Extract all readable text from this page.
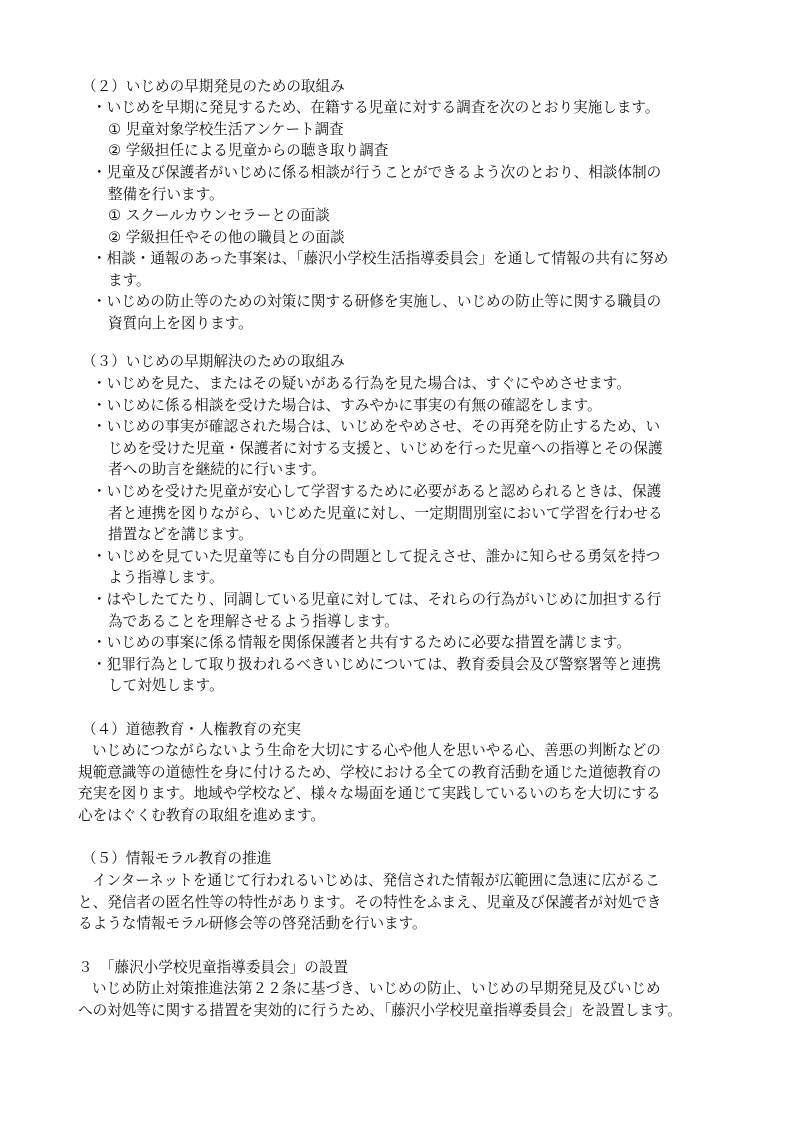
（２）いじめの早期発見のための取組み
・いじめを早期に発見するため、在籍する児童に対する調査を次のとおり実施します。
① 児童対象学校生活アンケート調査
② 学級担任による児童からの聴き取り調査
・児童及び保護者がいじめに係る相談が行うことができるよう次のとおり、相談体制の
整備を行います。
① スクールカウンセラーとの面談
② 学級担任やその他の職員との面談
・相談・通報のあった事案は、「藤沢小学校生活指導委員会」を通して情報の共有に努め
ます。
・いじめの防止等のための対策に関する研修を実施し、いじめの防止等に関する職員の
資質向上を図ります。
（３）いじめの早期解決のための取組み
・いじめを見た、またはその疑いがある行為を見た場合は、すぐにやめさせます。
・いじめに係る相談を受けた場合は、すみやかに事実の有無の確認をします。
・いじめの事実が確認された場合は、いじめをやめさせ、その再発を防止するため、い
じめを受けた児童・保護者に対する支援と、いじめを行った児童への指導とその保護
者への助言を継続的に行います。
・いじめを受けた児童が安心して学習するために必要があると認められるときは、保護
者と連携を図りながら、いじめた児童に対し、一定期間別室において学習を行わせる
措置などを講じます。
・いじめを見ていた児童等にも自分の問題として捉えさせ、誰かに知らせる勇気を持つ
よう指導します。
・はやしたてたり、同調している児童に対しては、それらの行為がいじめに加担する行
為であることを理解させるよう指導します。
・いじめの事案に係る情報を関係保護者と共有するために必要な措置を講じます。
・犯罪行為として取り扱われるべきいじめについては、教育委員会及び警察署等と連携
して対処します。
（４）道徳教育・人権教育の充実
いじめにつながらないよう生命を大切にする心や他人を思いやる心、善悪の判断などの
規範意識等の道徳性を身に付けるため、学校における全ての教育活動を通じた道徳教育の
充実を図ります。地域や学校など、様々な場面を通じて実践しているいのちを大切にする
心をはぐくむ教育の取組を進めます。
（５）情報モラル教育の推進
インターネットを通じて行われるいじめは、発信された情報が広範囲に急速に広がるこ
と、発信者の匿名性等の特性があります。その特性をふまえ、児童及び保護者が対処でき
るような情報モラル研修会等の啓発活動を行います。
３　「藤沢小学校児童指導委員会」の設置
いじめ防止対策推進法第２２条に基づき、いじめの防止、いじめの早期発見及びいじめ
への対処等に関する措置を実効的に行うため、「藤沢小学校児童指導委員会」を設置します。
